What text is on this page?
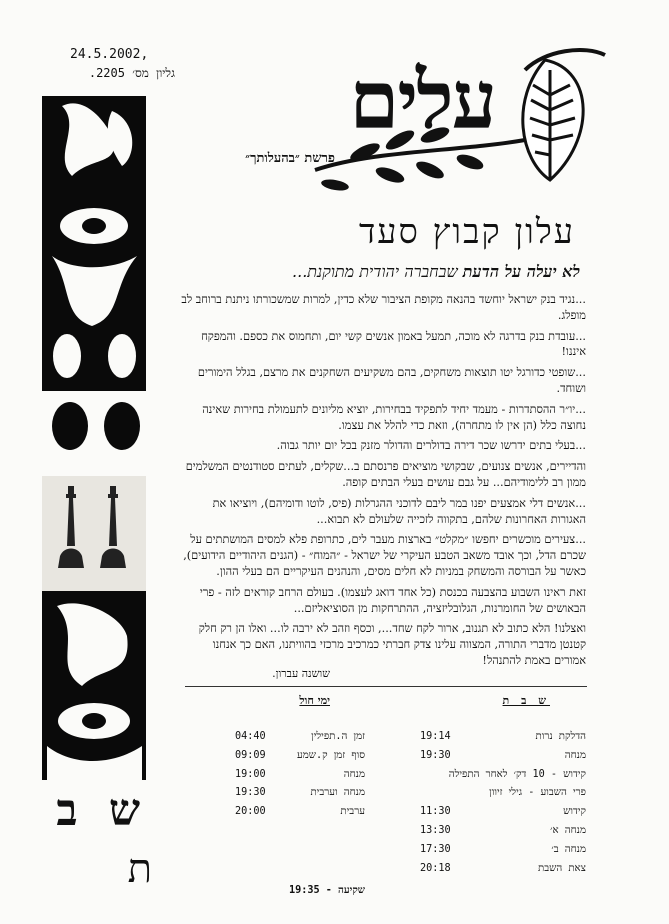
24.5.2002,
גליון מס׳ 2205.
פרשת ״בהעלותך״
עלים
עלון קבוץ סעד
לא יעלה על הדעת שבחברה יהודית מתוקנת...

...נגיד בנק ישראל יוחשד בהנאה מקופת הציבור שלא כדין, למרות שמשכורתו ניתנת ברוחב לב מופלג.

...עובדת בנק בדרגה לא מוכה, תמעל באמון אנשים קשי יום, ותחמוס את כספם. והמפקח איננו!

...שופטי כדורגל יטו תוצאות משחקים, בהם משקיעים השחקנים את מרצם, בגלל הימורים ושוחד.

...יו״ר ההסתדרות - מעמד יחיד לתפקיד בבחירות, יוציא מליונים לתעמולת בחירות שאינה נחוצה כלל (הן אין לו מתחרה), וזאת כדי להלל את עצמו.

...בעלי בתים ידרשו שכר דירה בדולרים והדולר מזנק בכל יום יותר גבוה.

והדיירים, אנשים צנועים, שבקושי מוציאים פרנסתם ב...שקלים, לעתים סטודנטים המשלמים ממון רב ללימודיהם... על גבם עושים בעלי הבתים קופה.

...אנשים דלי אמצעים יפנו במר ליבם לדוכני ההגרלות (פיס, לוטו ודומיהם), ויוציאו את האגורות האחרונות שלהם, בתקווה לזכייה שלעולם לא תבוא...

...צעירים מוכשרים יחפשו ״מקלט״ בארצות מעבר לים, כתרופת פלא למסים המושתתים על שכרם הדל, וכך אובד משאב הטבע העיקרי של ישראל - ״המוח״ - (הגנים היהודיים הידועים), כאשר על הבורסה והמשחק במניות לא חלים מסים, והנהנים העיקריים הם בעלי ההון.

זאת ראינו השבוע בהצבעה בכנסת (כל אחד דואג לעצמו). בעולם הרחב קוראים לזה - פרי הבאושים של החומרנות, הגלובליזציה, ההתרחקות מן הסוציאליזם...

ואצלנו! הלא כתוב לא תגנוב, ארור לקח שחד..., וכסף וזהב לא ירבה לו... ואלו הן רק חלק קטנטן מדברי התורה, המצווה עלינו צדק חברתי כמרכיב מרכזי בהוויתנו, האם כך אנחנו אמורים באמת להתנהל!

שושנה עברון.
ש ב ת
ימי חול
הדלקת נרות
19:14
מנחה
19:30
קידוש - 10 דק׳ לאחר התפילה
פרי השבוע - גילי זיוון
קידוש
11:30
מנחה א׳
13:30
מנחה ב׳
17:30
צאת השבת
20:18
זמן ה.תפילין
04:40
סוף זמן ק.שמע
09:09
מנחה
19:00
מנחה וערבית
19:30
ערבית
20:00
שקיעה - 19:35
ש ב
ת
